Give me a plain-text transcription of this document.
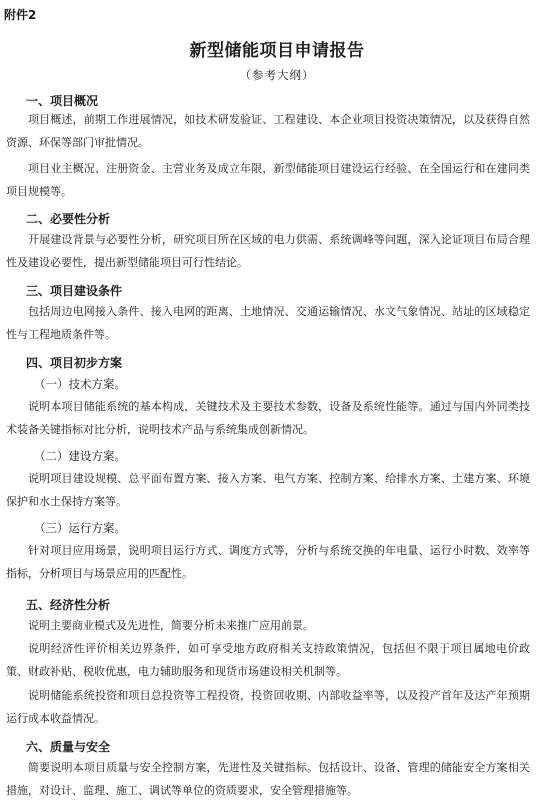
附件2
新型储能项目申请报告
（参考大纲）
一、项目概况
项目概述，前期工作进展情况，如技术研发验证、工程建设、本企业项目投资决策情况，以及获得自然资源、环保等部门审批情况。
项目业主概况、注册资金、主营业务及成立年限，新型储能项目建设运行经验、在全国运行和在建同类项目规模等。
二、必要性分析
开展建设背景与必要性分析，研究项目所在区域的电力供需、系统调峰等问题，深入论证项目布局合理性及建设必要性，提出新型储能项目可行性结论。
三、项目建设条件
包括周边电网接入条件、接入电网的距离、土地情况、交通运输情况、水文气象情况、站址的区域稳定性与工程地质条件等。
四、项目初步方案
（一）技术方案。
说明本项目储能系统的基本构成，关键技术及主要技术参数，设备及系统性能等。通过与国内外同类技术装备关键指标对比分析，说明技术产品与系统集成创新情况。
（二）建设方案。
说明项目建设规模、总平面布置方案、接入方案、电气方案、控制方案、给排水方案、土建方案、环境保护和水土保持方案等。
（三）运行方案。
针对项目应用场景，说明项目运行方式、调度方式等，分析与系统交换的年电量、运行小时数、效率等指标，分析项目与场景应用的匹配性。
五、经济性分析
说明主要商业模式及先进性，简要分析未来推广应用前景。
说明经济性评价相关边界条件，如可享受地方政府相关支持政策情况，包括但不限于项目属地电价政策、财政补贴、税收优惠，电力辅助服务和现货市场建设相关机制等。
说明储能系统投资和项目总投资等工程投资，投资回收期、内部收益率等，以及投产首年及达产年预期运行成本收益情况。
六、质量与安全
简要说明本项目质量与安全控制方案，先进性及关键指标。包括设计、设备、管理的储能安全方案相关措施，对设计、监理、施工、调试等单位的资质要求，安全管理措施等。
